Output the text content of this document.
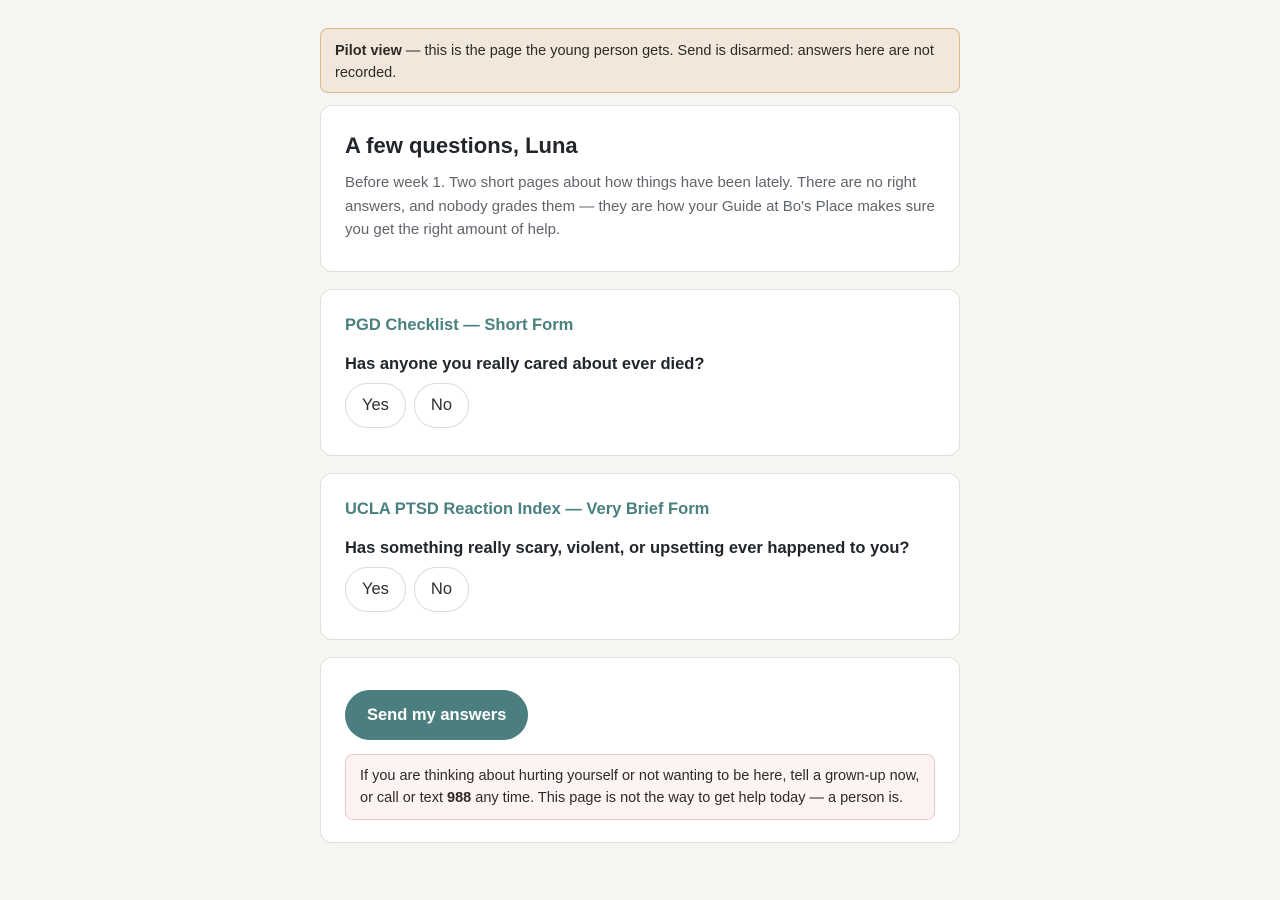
Pilot view — this is the page the young person gets. Send is disarmed: answers here are not recorded.
A few questions, Luna

Before week 1. Two short pages about how things have been lately. There are no right answers, and nobody grades them — they are how your Guide at Bo's Place makes sure you get the right amount of help.

PGD Checklist — Short Form

Has anyone you really cared about ever died?

Yes	No
UCLA PTSD Reaction Index — Very Brief Form

Has something really scary, violent, or upsetting ever happened to you?

Yes	No
Send my answers
If you are thinking about hurting yourself or not wanting to be here, tell a grown-up now, or call or text 988 any time. This page is not the way to get help today — a person is.
